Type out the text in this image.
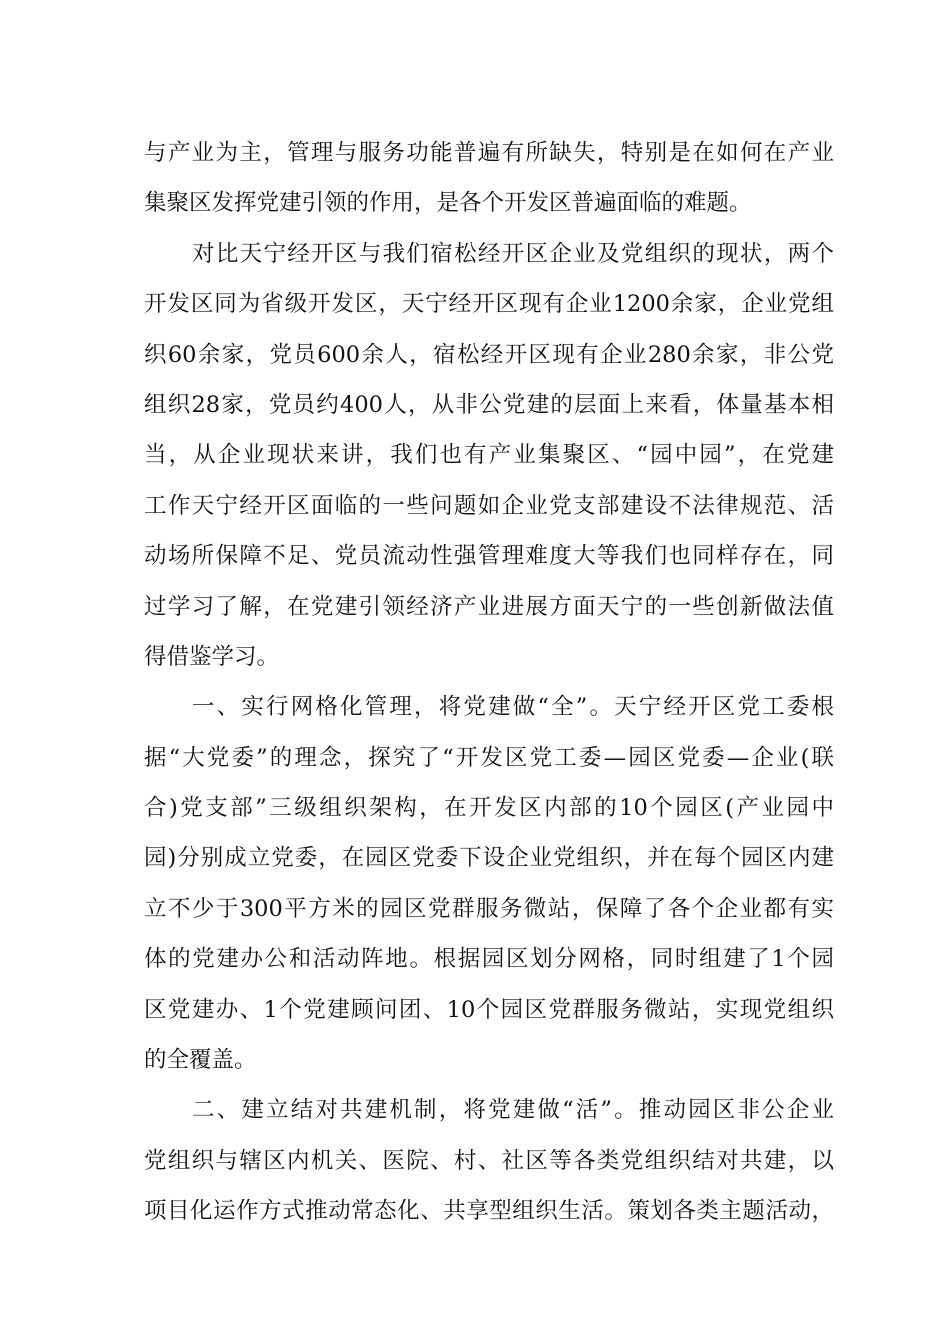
与产业为主，管理与服务功能普遍有所缺失，特别是在如何在产业
集聚区发挥党建引领的作用，是各个开发区普遍面临的难题。
对比天宁经开区与我们宿松经开区企业及党组织的现状，两个
开发区同为省级开发区，天宁经开区现有企业1200余家，企业党组
织60余家，党员600余人，宿松经开区现有企业280余家，非公党
组织28家，党员约400人，从非公党建的层面上来看，体量基本相
当，从企业现状来讲，我们也有产业集聚区、“园中园”，在党建
工作天宁经开区面临的一些问题如企业党支部建设不法律规范、活
动场所保障不足、党员流动性强管理难度大等我们也同样存在，同
过学习了解，在党建引领经济产业进展方面天宁的一些创新做法值
得借鉴学习。
一、实行网格化管理，将党建做“全”。天宁经开区党工委根
据“大党委”的理念，探究了“开发区党工委—园区党委—企业(联
合)党支部”三级组织架构，在开发区内部的10个园区(产业园中
园)分别成立党委，在园区党委下设企业党组织，并在每个园区内建
立不少于300平方米的园区党群服务微站，保障了各个企业都有实
体的党建办公和活动阵地。根据园区划分网格，同时组建了1个园
区党建办、1个党建顾问团、10个园区党群服务微站，实现党组织
的全覆盖。
二、建立结对共建机制，将党建做“活”。推动园区非公企业
党组织与辖区内机关、医院、村、社区等各类党组织结对共建，以
项目化运作方式推动常态化、共享型组织生活。策划各类主题活动，
